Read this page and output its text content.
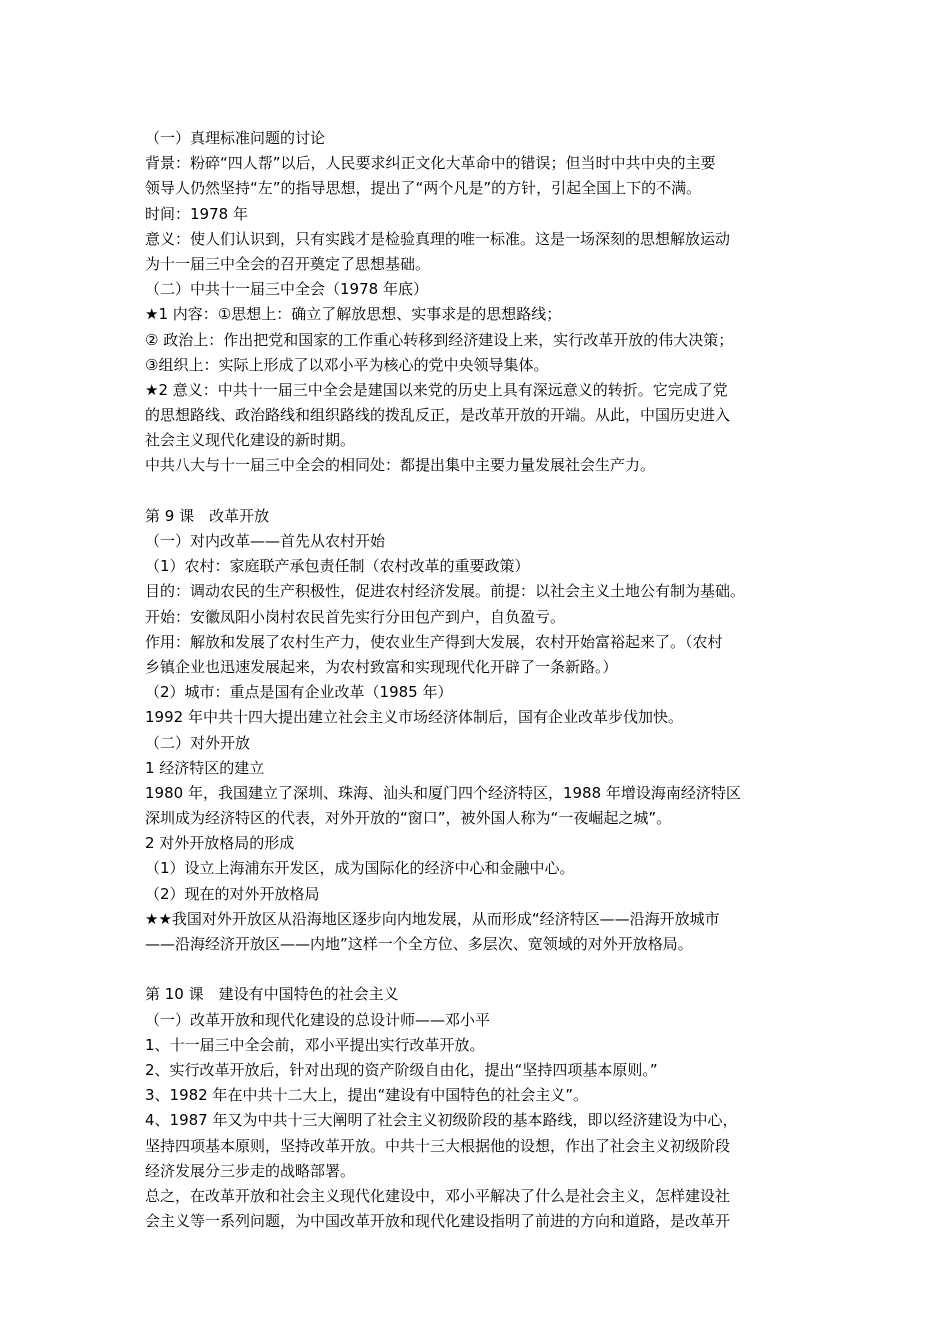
（一）真理标准问题的讨论
背景：粉碎“四人帮”以后，人民要求纠正文化大革命中的错误；但当时中共中央的主要
领导人仍然坚持“左”的指导思想，提出了“两个凡是”的方针，引起全国上下的不满。
时间：1978 年
意义：使人们认识到，只有实践才是检验真理的唯一标准。这是一场深刻的思想解放运动
为十一届三中全会的召开奠定了思想基础。
（二）中共十一届三中全会（1978 年底）
★1 内容：①思想上：确立了解放思想、实事求是的思想路线；
② 政治上：作出把党和国家的工作重心转移到经济建设上来，实行改革开放的伟大决策；
③组织上：实际上形成了以邓小平为核心的党中央领导集体。
★2 意义：中共十一届三中全会是建国以来党的历史上具有深远意义的转折。它完成了党
的思想路线、政治路线和组织路线的拨乱反正，是改革开放的开端。从此，中国历史进入
社会主义现代化建设的新时期。
中共八大与十一届三中全会的相同处：都提出集中主要力量发展社会生产力。
第 9 课　改革开放
（一）对内改革——首先从农村开始
（1）农村：家庭联产承包责任制（农村改革的重要政策）
目的：调动农民的生产积极性，促进农村经济发展。前提：以社会主义土地公有制为基础。
开始：安徽凤阳小岗村农民首先实行分田包产到户，自负盈亏。
作用：解放和发展了农村生产力，使农业生产得到大发展，农村开始富裕起来了。（农村
乡镇企业也迅速发展起来，为农村致富和实现现代化开辟了一条新路。）
（2）城市：重点是国有企业改革（1985 年）
1992 年中共十四大提出建立社会主义市场经济体制后，国有企业改革步伐加快。
（二）对外开放
1 经济特区的建立
1980 年，我国建立了深圳、珠海、汕头和厦门四个经济特区，1988 年增设海南经济特区
深圳成为经济特区的代表，对外开放的“窗口”，被外国人称为“一夜崛起之城”。
2 对外开放格局的形成
（1）设立上海浦东开发区，成为国际化的经济中心和金融中心。
（2）现在的对外开放格局
★★我国对外开放区从沿海地区逐步向内地发展，从而形成“经济特区——沿海开放城市
——沿海经济开放区——内地”这样一个全方位、多层次、宽领域的对外开放格局。
第 10 课　建设有中国特色的社会主义
（一）改革开放和现代化建设的总设计师——邓小平
1、十一届三中全会前，邓小平提出实行改革开放。
2、实行改革开放后，针对出现的资产阶级自由化，提出“坚持四项基本原则。”
3、1982 年在中共十二大上，提出“建设有中国特色的社会主义”。
4、1987 年又为中共十三大阐明了社会主义初级阶段的基本路线，即以经济建设为中心，
坚持四项基本原则，坚持改革开放。中共十三大根据他的设想，作出了社会主义初级阶段
经济发展分三步走的战略部署。
总之，在改革开放和社会主义现代化建设中，邓小平解决了什么是社会主义，怎样建设社
会主义等一系列问题，为中国改革开放和现代化建设指明了前进的方向和道路，是改革开
